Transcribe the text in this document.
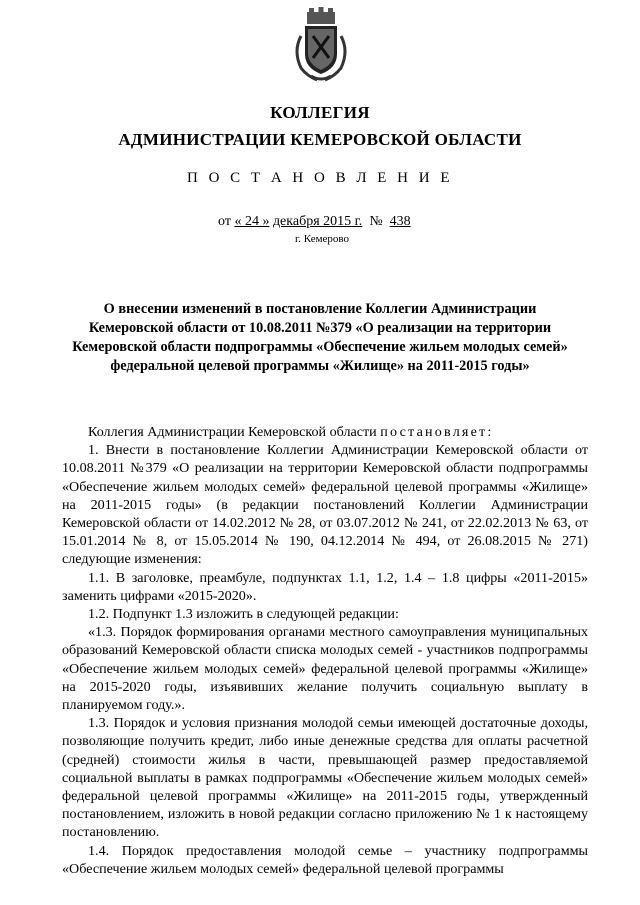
КОЛЛЕГИЯ
АДМИНИСТРАЦИИ КЕМЕРОВСКОЙ ОБЛАСТИ
П О С Т А Н О В Л Е Н И Е
от « 24 » декабря 2015 г. № 438
г. Кемерово
О внесении изменений в постановление Коллегии Администрации Кемеровской области от 10.08.2011 №379 «О реализации на территории Кемеровской области подпрограммы «Обеспечение жильем молодых семей» федеральной целевой программы «Жилище» на 2011-2015 годы»

Коллегия Администрации Кемеровской области постановляет:

1. Внести в постановление Коллегии Администрации Кемеровской области от 10.08.2011 №379 «О реализации на территории Кемеровской области подпрограммы «Обеспечение жильем молодых семей» федеральной целевой программы «Жилище» на 2011-2015 годы» (в редакции постановлений Коллегии Администрации Кемеровской области от 14.02.2012 № 28, от 03.07.2012 № 241, от 22.02.2013 № 63, от 15.01.2014 № 8, от 15.05.2014 № 190, 04.12.2014 № 494, от 26.08.2015 № 271) следующие изменения:

1.1. В заголовке, преамбуле, подпунктах 1.1, 1.2, 1.4 – 1.8 цифры «2011-2015» заменить цифрами «2015-2020».

1.2. Подпункт 1.3 изложить в следующей редакции:

«1.3. Порядок формирования органами местного самоуправления муниципальных образований Кемеровской области списка молодых семей - участников подпрограммы «Обеспечение жильем молодых семей» федеральной целевой программы «Жилище» на 2015-2020 годы, изъявивших желание получить социальную выплату в планируемом году.».

1.3. Порядок и условия признания молодой семьи имеющей достаточные доходы, позволяющие получить кредит, либо иные денежные средства для оплаты расчетной (средней) стоимости жилья в части, превышающей размер предоставляемой социальной выплаты в рамках подпрограммы «Обеспечение жильем молодых семей» федеральной целевой программы «Жилище» на 2011-2015 годы, утвержденный постановлением, изложить в новой редакции согласно приложению № 1 к настоящему постановлению.

1.4. Порядок предоставления молодой семье – участнику подпрограммы «Обеспечение жильем молодых семей» федеральной целевой программы
